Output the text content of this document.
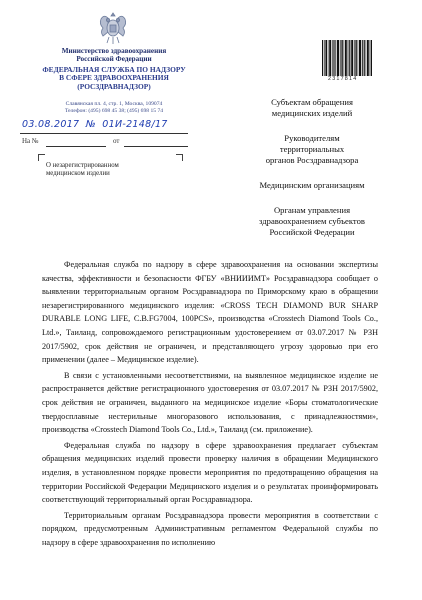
Министерство здравоохранения
Российской Федерации
ФЕДЕРАЛЬНАЯ СЛУЖБА ПО НАДЗОРУ
В СФЕРЕ ЗДРАВООХРАНЕНИЯ
(РОСЗДРАВНАДЗОР)
Славянская пл. 4, стр. 1, Москва, 109074
Телефон: (495) 698 45 38; (495) 698 15 74
03.08.2017 № 01И-2148/17
На №	от
О незарегистрированном
медицинском изделии
2317814
Субъектам обращения
медицинских изделий
Руководителям
территориальных
органов Росздравнадзора
Медицинским организациям
Органам управления
здравоохранением субъектов
Российской Федерации

Федеральная служба по надзору в сфере здравоохранения на основании экспертизы качества, эффективности и безопасности ФГБУ «ВНИИИМТ» Росздравнадзора сообщает о выявлении территориальным органом Росздравнадзора по Приморскому краю в обращении незарегистрированного медицинского изделия: «CROSS TECH DIAMOND BUR SHARP DURABLE LONG LIFE, C.B.FG7004, 100PCS», производства «Crosstech Diamond Tools Co., Ltd.», Таиланд, сопровождаемого регистрационным удостоверением от 03.07.2017 № РЗН 2017/5902, срок действия не ограничен, и представляющего угрозу здоровью при его применении (далее – Медицинское изделие).

В связи с установленными несоответствиями, на выявленное медицинское изделие не распространяется действие регистрационного удостоверения от 03.07.2017 № РЗН 2017/5902, срок действия не ограничен, выданного на медицинское изделие «Боры стоматологические твердосплавные нестерильные многоразового использования, с принадлежностями», производства «Crosstech Diamond Tools Co., Ltd.», Таиланд (см. приложение).

Федеральная служба по надзору в сфере здравоохранения предлагает субъектам обращения медицинских изделий провести проверку наличия в обращении Медицинского изделия, в установленном порядке провести мероприятия по предотвращению обращения на территории Российской Федерации Медицинского изделия и о результатах проинформировать соответствующий территориальный орган Росздравнадзора.

Территориальным органам Росздравнадзора провести мероприятия в соответствии с порядком, предусмотренным Административным регламентом Федеральной службы по надзору в сфере здравоохранения по исполнению
